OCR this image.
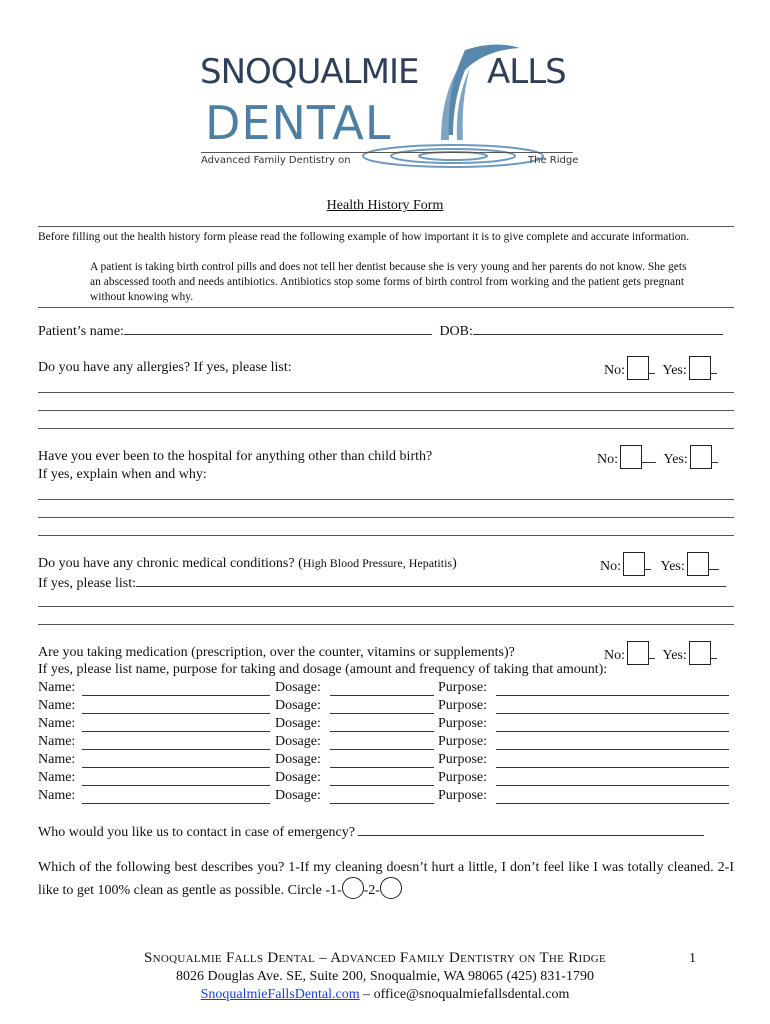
SNOQUALMIE ALLS
DENTAL
Advanced Family Dentistry on	The Ridge
Health History Form
Before filling out the health history form please read the following example of how important it is to give complete and accurate information.
A patient is taking birth control pills and does not tell her dentist because she is very young and her parents do not know. She gets an abscessed tooth and needs antibiotics. Antibiotics stop some forms of birth control from working and the patient gets pregnant without knowing why.
Patient’s name:	DOB:
Do you have any allergies? If yes, please list:	No:	Yes:
Have you ever been to the hospital for anything other than child birth?
If yes, explain when and why:
No:	Yes:
Do you have any chronic medical conditions? (High Blood Pressure, Hepatitis)
If yes, please list:
No:	Yes:
Are you taking medication (prescription, over the counter, vitamins or supplements)?	No:	Yes:
If yes, please list name, purpose for taking and dosage (amount and frequency of taking that amount):
Name:	Dosage:	Purpose:
Name:	Dosage:	Purpose:
Name:	Dosage:	Purpose:
Name:	Dosage:	Purpose:
Name:	Dosage:	Purpose:
Name:	Dosage:	Purpose:
Name:	Dosage:	Purpose:
Who would you like us to contact in case of emergency?
Which of the following best describes you? 1-If my cleaning doesn’t hurt a little, I don’t feel like I was totally cleaned. 2-I like to get 100% clean as gentle as possible. Circle -1- -2-
Snoqualmie Falls Dental – Advanced Family Dentistry on The Ridge	1
8026 Douglas Ave. SE, Suite 200, Snoqualmie, WA 98065 (425) 831-1790
SnoqualmieFallsDental.com – office@snoqualmiefallsdental.com
